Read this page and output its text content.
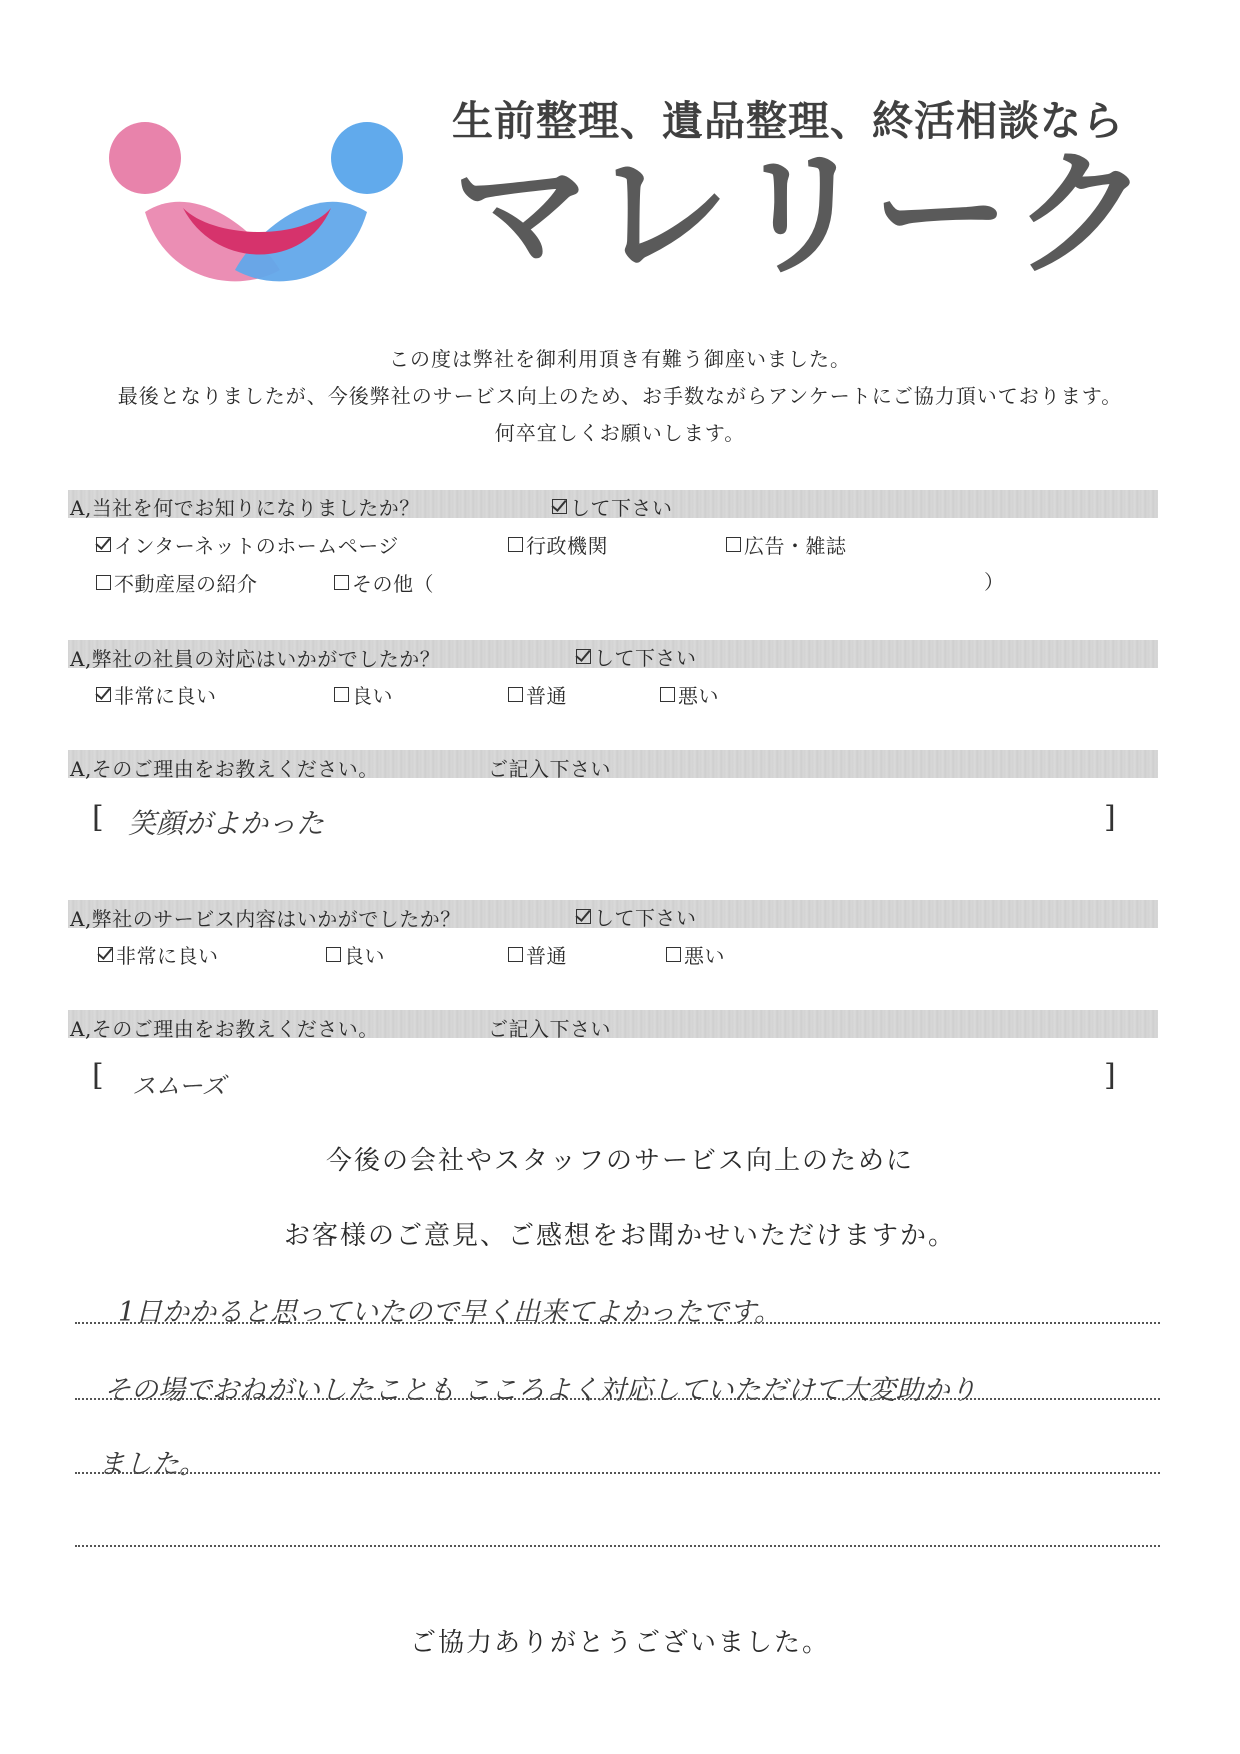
生前整理、遺品整理、終活相談なら
マレリーク
この度は弊社を御利用頂き有難う御座いました。
最後となりましたが、今後弊社のサービス向上のため、お手数ながらアンケートにご協力頂いております。
何卒宜しくお願いします。
A,当社を何でお知りになりましたか？	して下さい
インターネットのホームページ	行政機関	広告・雑誌
不動産屋の紹介	その他（	）
A,弊社の社員の対応はいかがでしたか？	して下さい
非常に良い	良い	普通	悪い
A,そのご理由をお教えください。	ご記入下さい
[ 笑顔がよかった	]
A,弊社のサービス内容はいかがでしたか？	して下さい
非常に良い	良い	普通	悪い
A,そのご理由をお教えください。	ご記入下さい
[ スムーズ	]
今後の会社やスタッフのサービス向上のために
お客様のご意見、ご感想をお聞かせいただけますか。
1日かかると思っていたので早く出来てよかったです。
その場でおねがいしたことも こころよく対応していただけて大変助かり
ました。
ご協力ありがとうございました。
